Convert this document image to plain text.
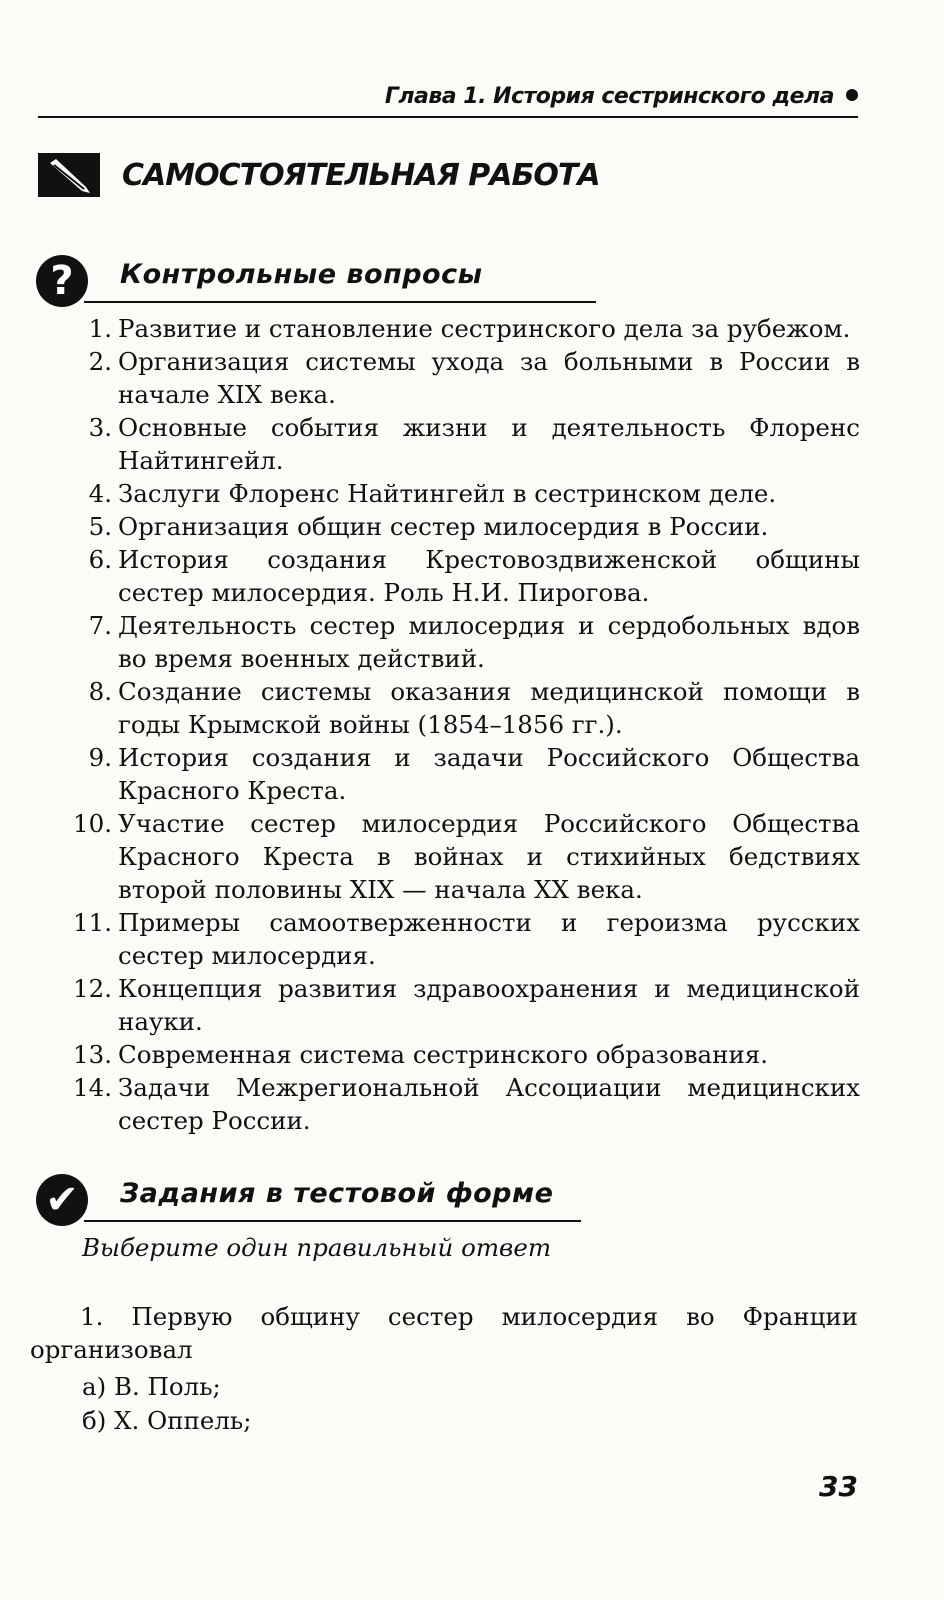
Глава 1. История сестринского дела
САМОСТОЯТЕЛЬНАЯ РАБОТА
?	Контрольные вопросы
1. Развитие и становление сестринского дела за рубежом.
2. Организация системы ухода за больными в России в начале XIX века.
3. Основные события жизни и деятельность Флоренс Найтингейл.
4. Заслуги Флоренс Найтингейл в сестринском деле.
5. Организация общин сестер милосердия в России.
6. История создания Крестовоздвиженской общины сестер милосердия. Роль Н.И. Пирогова.
7. Деятельность сестер милосердия и сердобольных вдов во время военных действий.
8. Создание системы оказания медицинской помощи в годы Крымской войны (1854–1856 гг.).
9. История создания и задачи Российского Общества Красного Креста.
10. Участие сестер милосердия Российского Общества Красного Креста в войнах и стихийных бедствиях второй половины XIX — начала XX века.
11. Примеры самоотверженности и героизма русских сестер милосердия.
12. Концепция развития здравоохранения и медицинской науки.
13. Современная система сестринского образования.
14. Задачи Межрегиональной Ассоциации медицинских сестер России.
✔	Задания в тестовой форме
Выберите один правильный ответ
1. Первую общину сестер милосердия во Франции организовал
а) В. Поль;
б) Х. Оппель;
33
